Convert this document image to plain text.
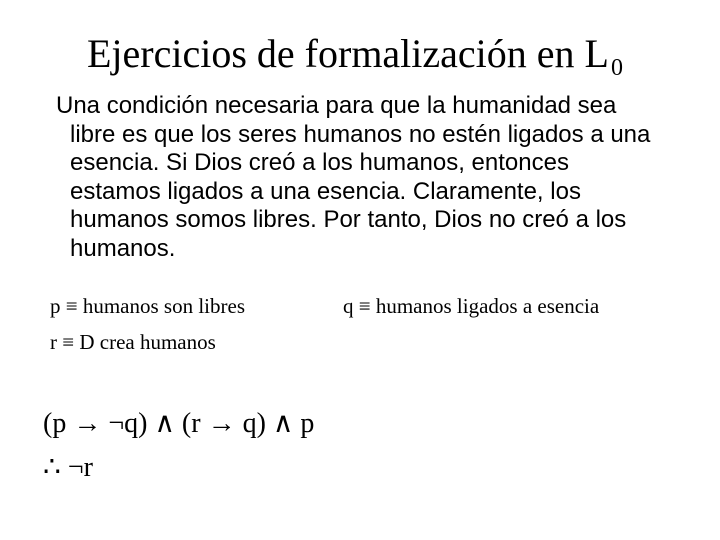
Ejercicios de formalización en $L_0$
Una condición necesaria para que la humanidad sea
libre es que los seres humanos no estén ligados a una
esencia. Si Dios creó a los humanos, entonces
estamos ligados a una esencia. Claramente, los
humanos somos libres. Por tanto, Dios no creó a los
humanos.
p ≡ humanos son libres	q ≡ humanos ligados a esencia
r ≡ D crea humanos
(p → ¬q) ∧ (r → q) ∧ p
∴ ¬r
